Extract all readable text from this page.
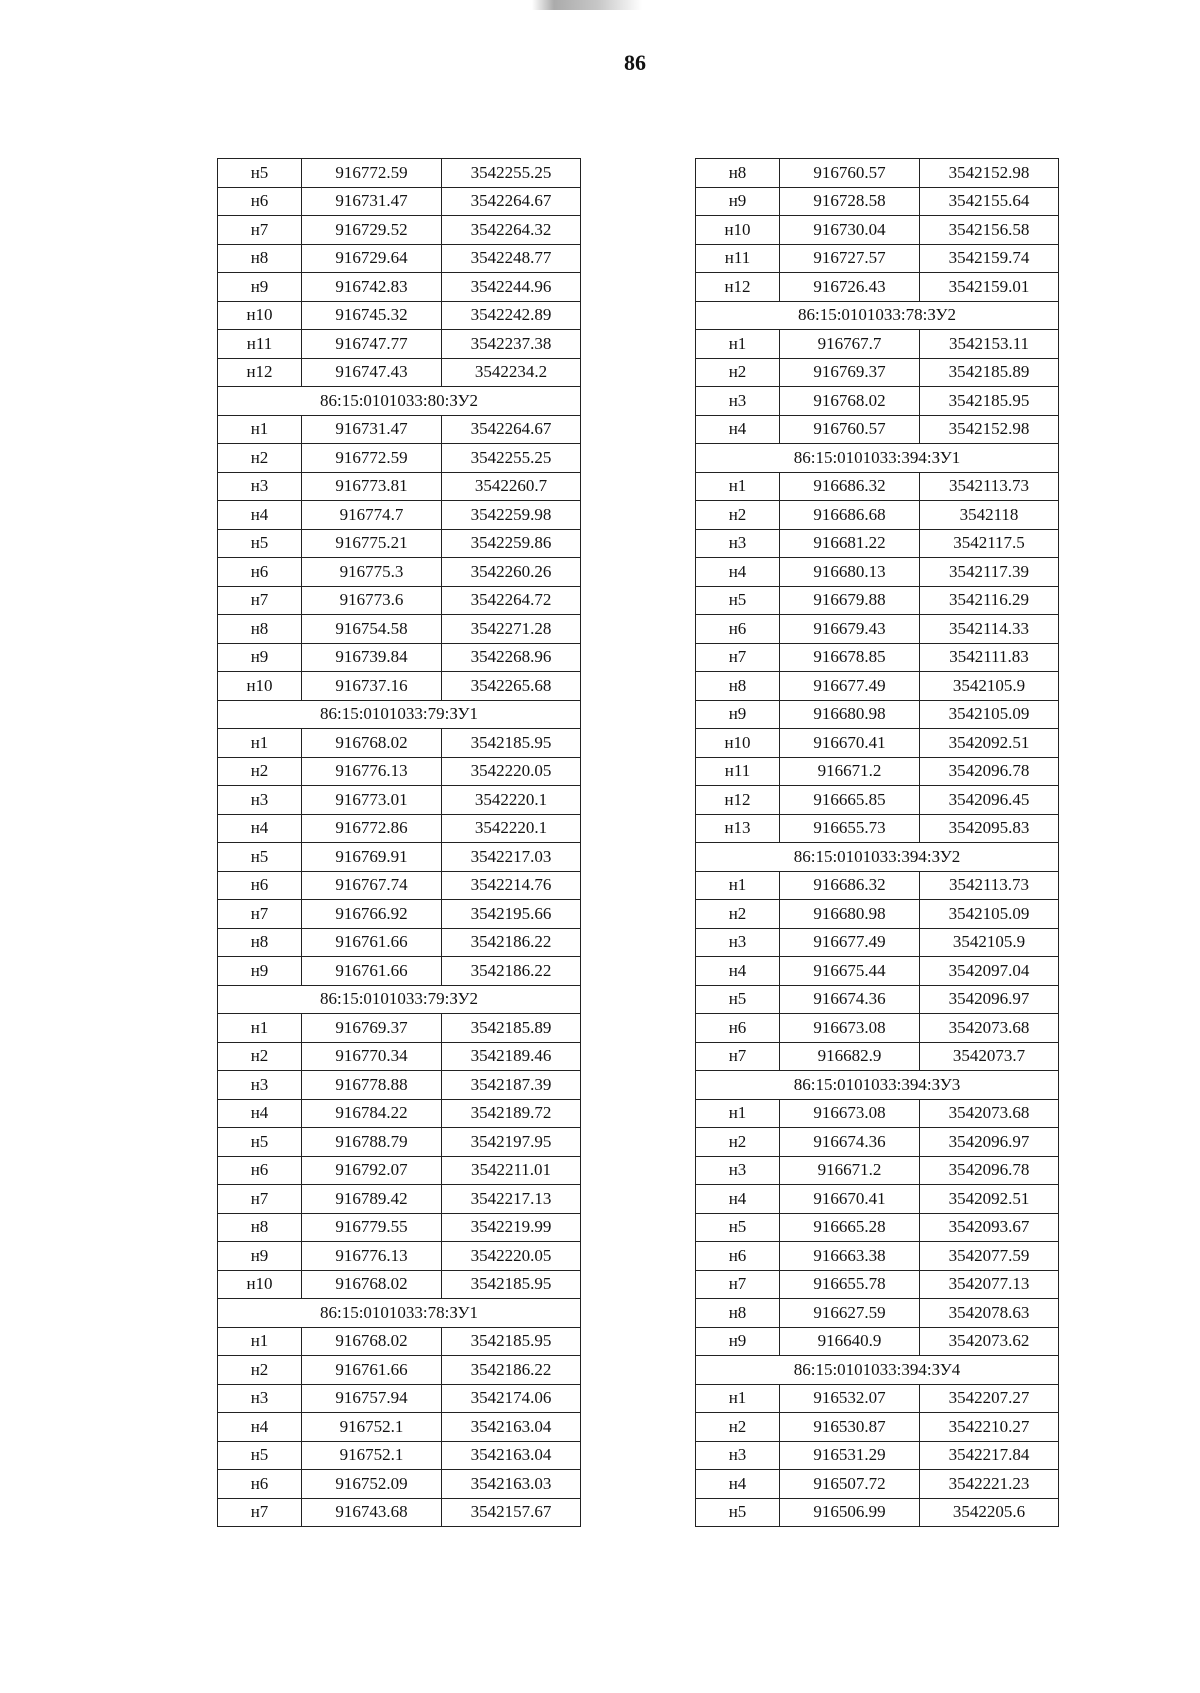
86
н5	916772.59	3542255.25
н6	916731.47	3542264.67
н7	916729.52	3542264.32
н8	916729.64	3542248.77
н9	916742.83	3542244.96
н10	916745.32	3542242.89
н11	916747.77	3542237.38
н12	916747.43	3542234.2
86:15:0101033:80:ЗУ2		
н1	916731.47	3542264.67
н2	916772.59	3542255.25
н3	916773.81	3542260.7
н4	916774.7	3542259.98
н5	916775.21	3542259.86
н6	916775.3	3542260.26
н7	916773.6	3542264.72
н8	916754.58	3542271.28
н9	916739.84	3542268.96
н10	916737.16	3542265.68
86:15:0101033:79:ЗУ1		
н1	916768.02	3542185.95
н2	916776.13	3542220.05
н3	916773.01	3542220.1
н4	916772.86	3542220.1
н5	916769.91	3542217.03
н6	916767.74	3542214.76
н7	916766.92	3542195.66
н8	916761.66	3542186.22
н9	916761.66	3542186.22
86:15:0101033:79:ЗУ2		
н1	916769.37	3542185.89
н2	916770.34	3542189.46
н3	916778.88	3542187.39
н4	916784.22	3542189.72
н5	916788.79	3542197.95
н6	916792.07	3542211.01
н7	916789.42	3542217.13
н8	916779.55	3542219.99
н9	916776.13	3542220.05
н10	916768.02	3542185.95
86:15:0101033:78:ЗУ1		
н1	916768.02	3542185.95
н2	916761.66	3542186.22
н3	916757.94	3542174.06
н4	916752.1	3542163.04
н5	916752.1	3542163.04
н6	916752.09	3542163.03
н7	916743.68	3542157.67
н8	916760.57	3542152.98
н9	916728.58	3542155.64
н10	916730.04	3542156.58
н11	916727.57	3542159.74
н12	916726.43	3542159.01
86:15:0101033:78:ЗУ2		
н1	916767.7	3542153.11
н2	916769.37	3542185.89
н3	916768.02	3542185.95
н4	916760.57	3542152.98
86:15:0101033:394:ЗУ1		
н1	916686.32	3542113.73
н2	916686.68	3542118
н3	916681.22	3542117.5
н4	916680.13	3542117.39
н5	916679.88	3542116.29
н6	916679.43	3542114.33
н7	916678.85	3542111.83
н8	916677.49	3542105.9
н9	916680.98	3542105.09
н10	916670.41	3542092.51
н11	916671.2	3542096.78
н12	916665.85	3542096.45
н13	916655.73	3542095.83
86:15:0101033:394:ЗУ2		
н1	916686.32	3542113.73
н2	916680.98	3542105.09
н3	916677.49	3542105.9
н4	916675.44	3542097.04
н5	916674.36	3542096.97
н6	916673.08	3542073.68
н7	916682.9	3542073.7
86:15:0101033:394:ЗУ3		
н1	916673.08	3542073.68
н2	916674.36	3542096.97
н3	916671.2	3542096.78
н4	916670.41	3542092.51
н5	916665.28	3542093.67
н6	916663.38	3542077.59
н7	916655.78	3542077.13
н8	916627.59	3542078.63
н9	916640.9	3542073.62
86:15:0101033:394:ЗУ4		
н1	916532.07	3542207.27
н2	916530.87	3542210.27
н3	916531.29	3542217.84
н4	916507.72	3542221.23
н5	916506.99	3542205.6
